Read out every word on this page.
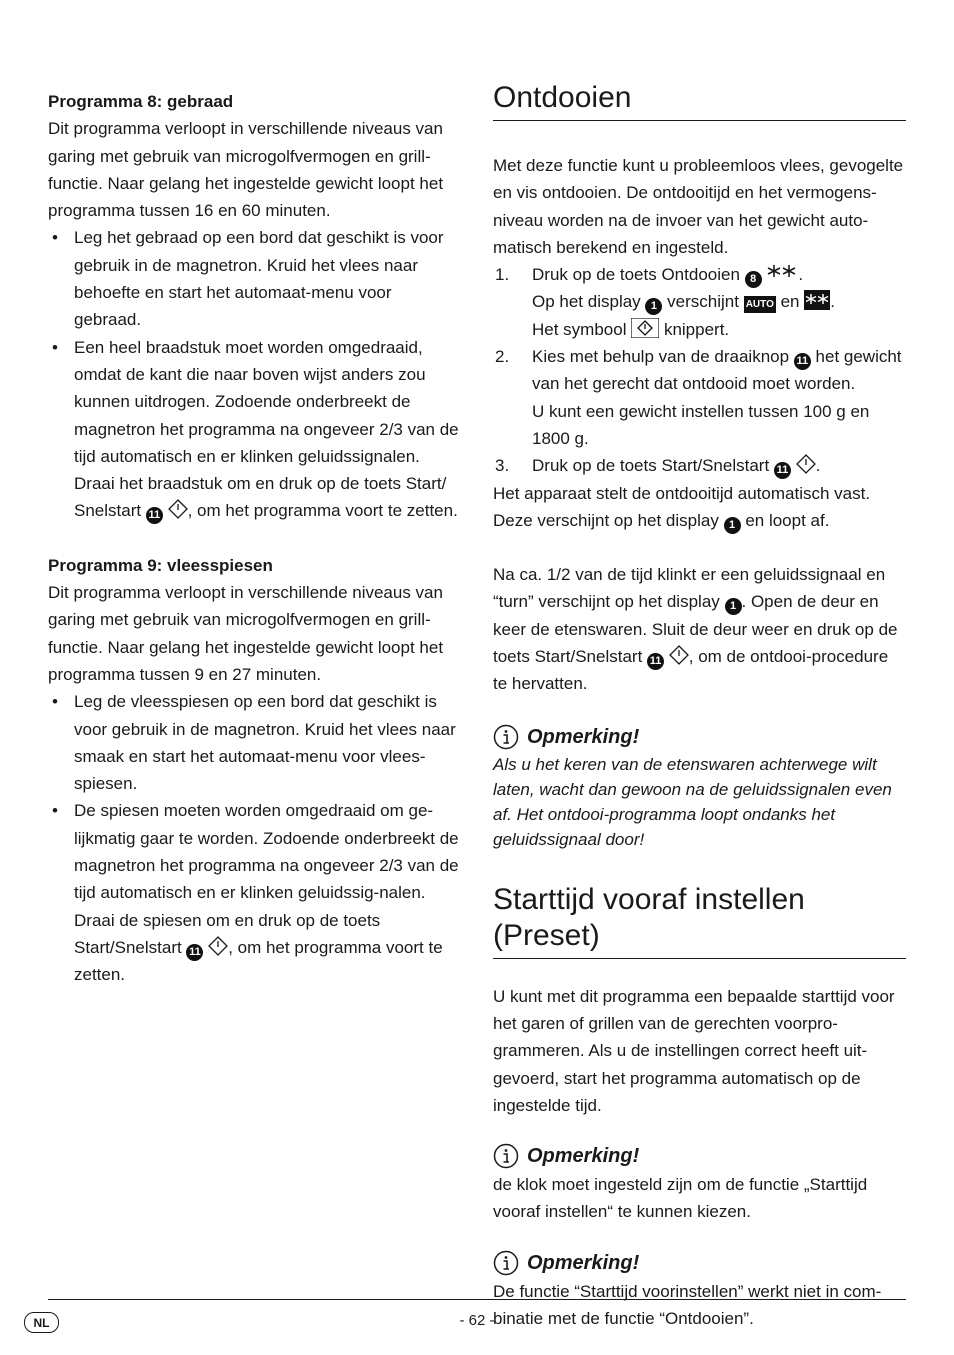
Programma 8: gebraad

Dit programma verloopt in verschillende niveaus van garing met gebruik van microgolfvermogen en grill-functie. Naar gelang het ingestelde gewicht loopt het programma tussen 16 en 60 minuten.

• Leg het gebraad op een bord dat geschikt is voor gebruik in de magnetron. Kruid het vlees naar behoefte en start het automaat-menu voor gebraad.
• Een heel braadstuk moet worden omgedraaid, omdat de kant die naar boven wijst anders zou kunnen uitdrogen. Zodoende onderbreekt de magnetron het programma na ongeveer 2/3 van de tijd automatisch en er klinken geluidssignalen. Draai het braadstuk om en druk op de toets Start/ Snelstart 11 , om het programma voort te zetten.

Programma 9: vleesspiesen

Dit programma verloopt in verschillende niveaus van garing met gebruik van microgolfvermogen en grill-functie. Naar gelang het ingestelde gewicht loopt het programma tussen 9 en 27 minuten.

• Leg de vleesspiesen op een bord dat geschikt is voor gebruik in de magnetron. Kruid het vlees naar smaak en start het automaat-menu voor vlees-spiesen.
• De spiesen moeten worden omgedraaid om ge-lijkmatig gaar te worden. Zodoende onderbreekt de magnetron het programma na ongeveer 2/3 van de tijd automatisch en er klinken geluidssig-nalen. Draai de spiesen om en druk op de toets Start/Snelstart 11 , om het programma voort te zetten.
Ontdooien

Met deze functie kunt u probleemloos vlees, gevogelte en vis ontdooien. De ontdooitijd en het vermogens-niveau worden na de invoer van het gewicht auto-matisch berekend en ingesteld.

1. Druk op de toets Ontdooien 8 .
Op het display 1 verschijnt AUTO en .
Het symbool knippert.
2. Kies met behulp van de draaiknop 11 het gewicht van het gerecht dat ontdooid moet worden.
U kunt een gewicht instellen tussen 100 g en 1800 g.
3. Druk op de toets Start/Snelstart 11 .

Het apparaat stelt de ontdooitijd automatisch vast.

Deze verschijnt op het display 1 en loopt af.

Na ca. 1/2 van de tijd klinkt er een geluidssignaal en “turn” verschijnt op het display 1 . Open de deur en keer de etenswaren. Sluit de deur weer en druk op de toets Start/Snelstart 11 , om de ontdooi-procedure te hervatten.

Opmerking!

Als u het keren van de etenswaren achterwege wilt laten, wacht dan gewoon na de geluidssignalen even af. Het ontdooi-programma loopt ondanks het geluidssignaal door!

Starttijd vooraf instellen (Preset)

U kunt met dit programma een bepaalde starttijd voor het garen of grillen van de gerechten voorpro-grammeren. Als u de instellingen correct heeft uit-gevoerd, start het programma automatisch op de ingestelde tijd.

Opmerking!

de klok moet ingesteld zijn om de functie „Starttijd vooraf instellen“ te kunnen kiezen.

Opmerking!

De functie “Starttijd voorinstellen” werkt niet in com-binatie met de functie “Ontdooien”.

NL	- 62 -
